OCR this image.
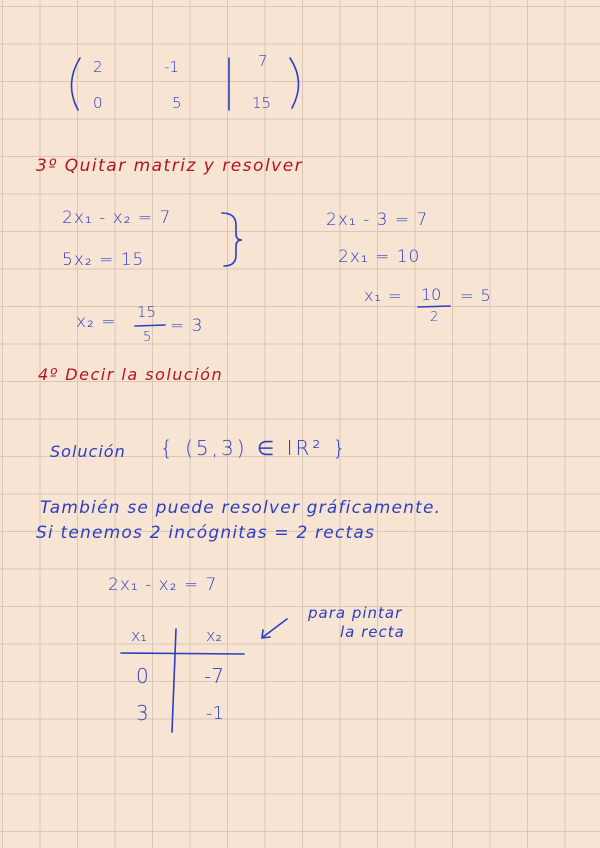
2	-1	7
0	5	15
3º Quitar matriz y resolver
2x₁ - x₂ = 7
5x₂ = 15
x₂ = 15
5
= 3
2x₁ - 3 = 7
2x₁ = 10
x₁ = 10
2
= 5
4º Decir la solución
Solución { (5,3) ∈ IR² }
También se puede resolver gráficamente.
Si tenemos 2 incógnitas = 2 rectas
2x₁ - x₂ = 7
x₁	x₂
0	-7
3	-1
para pintar
la recta
